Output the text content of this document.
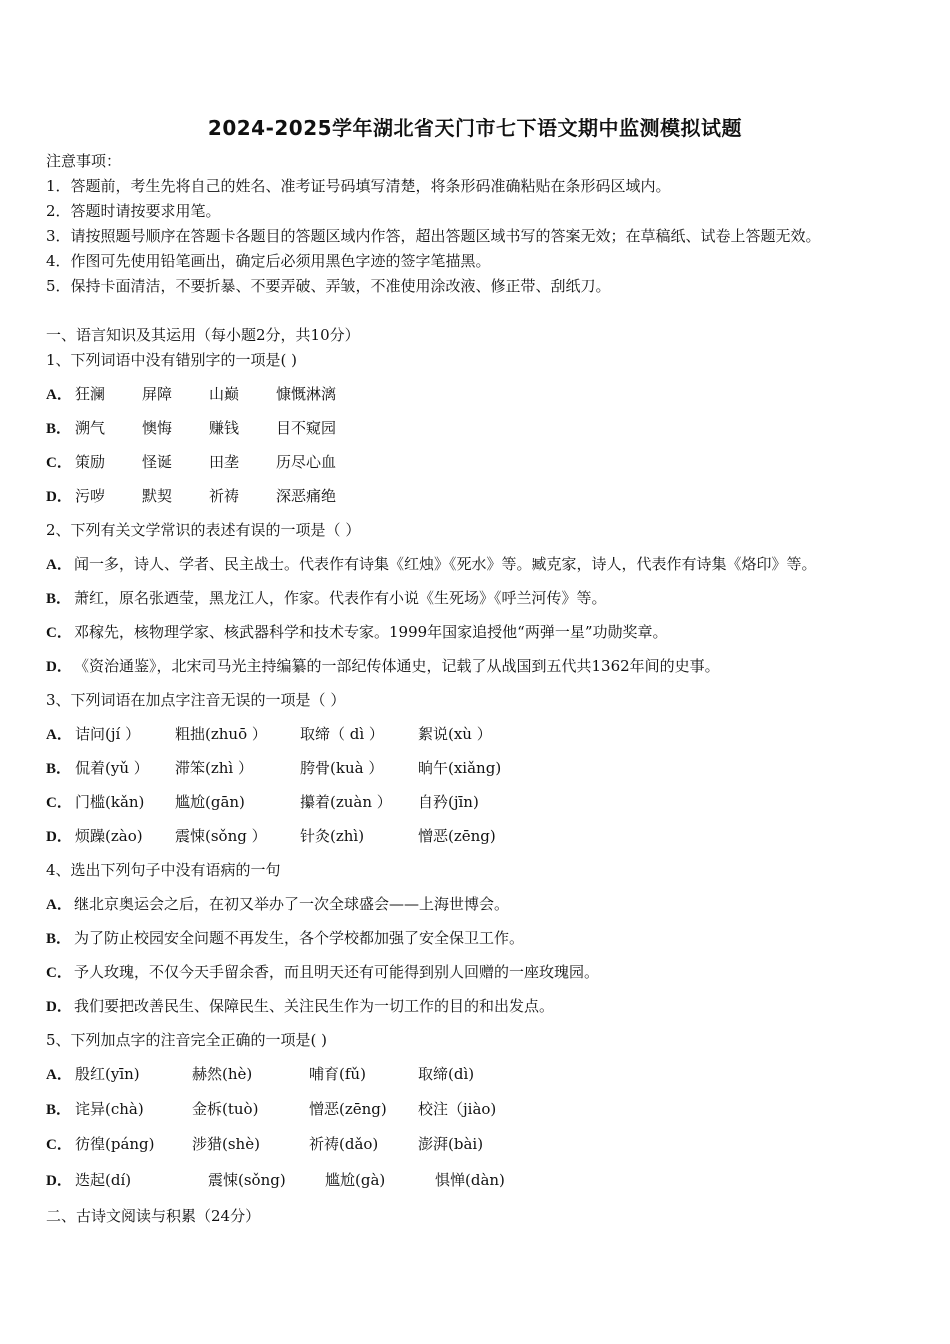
2024-2025学年湖北省天门市七下语文期中监测模拟试题
注意事项：
1．答题前，考生先将自己的姓名、准考证号码填写清楚，将条形码准确粘贴在条形码区域内。
2．答题时请按要求用笔。
3．请按照题号顺序在答题卡各题目的答题区域内作答，超出答题区域书写的答案无效；在草稿纸、试卷上答题无效。
4．作图可先使用铅笔画出，确定后必须用黑色字迹的签字笔描黑。
5．保持卡面清洁，不要折暴、不要弄破、弄皱，不准使用涂改液、修正带、刮纸刀。
一、语言知识及其运用（每小题2分，共10分）
1、下列词语中没有错别字的一项是( )
A． 狂澜 屏障 山巅 慷慨淋漓
B． 溯气 懊悔 赚钱 目不窥园
C． 策励 怪诞 田垄 历尽心血
D． 污哕 默契 祈祷 深恶痛绝
2、下列有关文学常识的表述有误的一项是（ ）
A． 闻一多，诗人、学者、民主战士。代表作有诗集《红烛》《死水》等。臧克家，诗人，代表作有诗集《烙印》等。
B． 萧红，原名张迺莹，黑龙江人，作家。代表作有小说《生死场》《呼兰河传》等。
C． 邓稼先，核物理学家、核武器科学和技术专家。1999年国家追授他“两弹一星”功勋奖章。
D． 《资治通鉴》，北宋司马光主持编纂的一部纪传体通史，记载了从战国到五代共1362年间的史事。
3、下列词语在加点字注音无误的一项是（ ）
A． 诘问(jí ） 粗拙(zhuō ） 取缔（ dì ） 絮说(xù ）
B． 侃着(yǔ ） 滞笨(zhì ）	胯骨(kuà ） 晌午(xiǎng)
C． 门槛(kǎn) 尴尬(gān)	攥着(zuàn ） 自矜(jīn)
D． 烦躁(zào) 震悚(sǒng ） 针灸(zhì)	憎恶(zēng)
4、选出下列句子中没有语病的一句
A． 继北京奥运会之后，在初又举办了一次全球盛会——上海世博会。
B． 为了防止校园安全问题不再发生，各个学校都加强了安全保卫工作。
C． 予人玫瑰，不仅今天手留余香，而且明天还有可能得到别人回赠的一座玫瑰园。
D． 我们要把改善民生、保障民生、关注民生作为一切工作的目的和出发点。
5、下列加点字的注音完全正确的一项是( )
A． 殷红(yīn)	赫然(hè)	哺育(fǔ)	取缔(dì)
B． 诧异(chà)	金柝(tuò)	憎恶(zēng) 校注（jiào)
C． 彷徨(páng) 涉猎(shè)	祈祷(dǎo)	澎湃(bài)
D． 迭起(dí)	震悚(sǒng)	尴尬(gà)	惧惮(dàn)
二、古诗文阅读与积累（24分）
